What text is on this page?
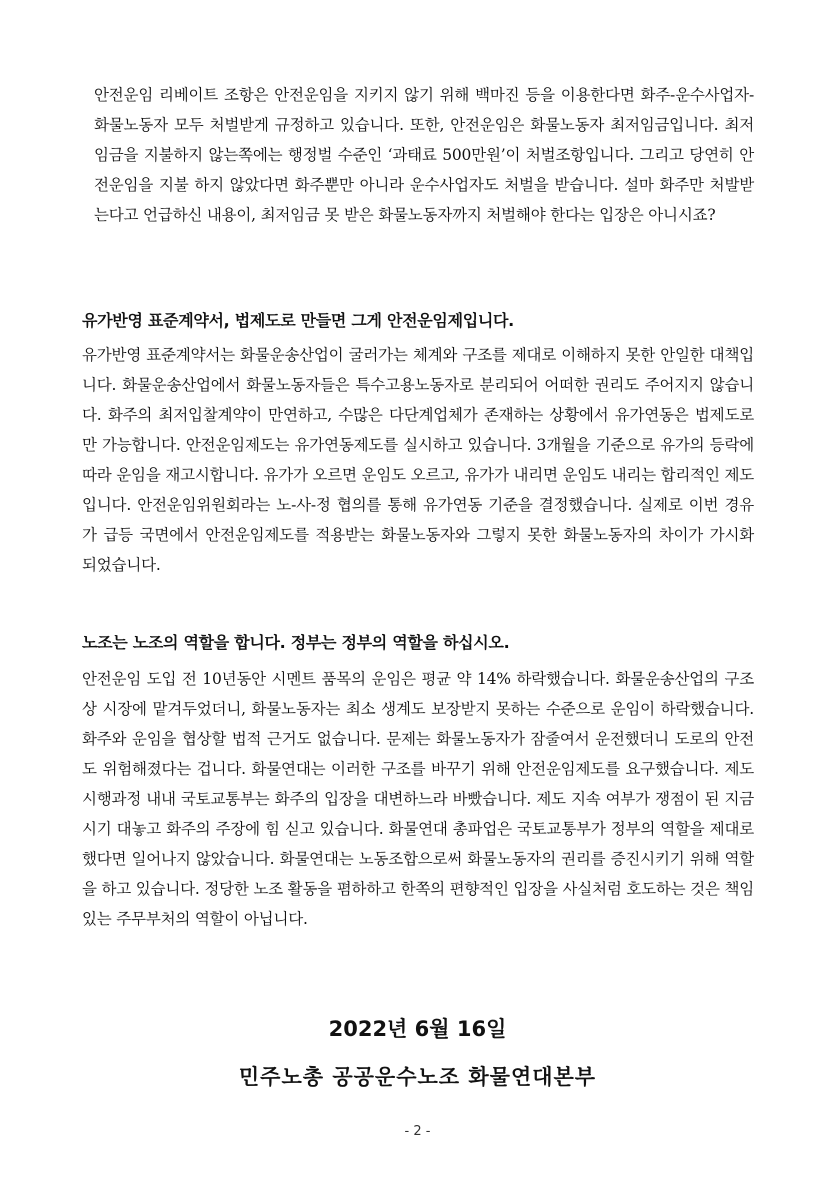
안전운임 리베이트 조항은 안전운임을 지키지 않기 위해 백마진 등을 이용한다면 화주-운수사업자-화물노동자 모두 처벌받게 규정하고 있습니다. 또한, 안전운임은 화물노동자 최저임금입니다. 최저임금을 지불하지 않는쪽에는 행정벌 수준인 ‘과태료 500만원’이 처벌조항입니다. 그리고 당연히 안전운임을 지불 하지 않았다면 화주뿐만 아니라 운수사업자도 처벌을 받습니다. 설마 화주만 처발받는다고 언급하신 내용이, 최저임금 못 받은 화물노동자까지 처벌해야 한다는 입장은 아니시죠?

유가반영 표준계약서, 법제도로 만들면 그게 안전운임제입니다.

유가반영 표준계약서는 화물운송산업이 굴러가는 체계와 구조를 제대로 이해하지 못한 안일한 대책입니다. 화물운송산업에서 화물노동자들은 특수고용노동자로 분리되어 어떠한 권리도 주어지지 않습니다. 화주의 최저입찰계약이 만연하고, 수많은 다단계업체가 존재하는 상황에서 유가연동은 법제도로만 가능합니다. 안전운임제도는 유가연동제도를 실시하고 있습니다. 3개월을 기준으로 유가의 등락에 따라 운임을 재고시합니다. 유가가 오르면 운임도 오르고, 유가가 내리면 운임도 내리는 합리적인 제도입니다. 안전운임위원회라는 노-사-정 협의를 통해 유가연동 기준을 결정했습니다. 실제로 이번 경유가 급등 국면에서 안전운임제도를 적용받는 화물노동자와 그렇지 못한 화물노동자의 차이가 가시화 되었습니다.

노조는 노조의 역할을 합니다. 정부는 정부의 역할을 하십시오.

안전운임 도입 전 10년동안 시멘트 품목의 운임은 평균 약 14% 하락했습니다. 화물운송산업의 구조 상 시장에 맡겨두었더니, 화물노동자는 최소 생계도 보장받지 못하는 수준으로 운임이 하락했습니다. 화주와 운임을 협상할 법적 근거도 없습니다. 문제는 화물노동자가 잠줄여서 운전했더니 도로의 안전도 위험해졌다는 겁니다. 화물연대는 이러한 구조를 바꾸기 위해 안전운임제도를 요구했습니다. 제도 시행과정 내내 국토교통부는 화주의 입장을 대변하느라 바빴습니다. 제도 지속 여부가 쟁점이 된 지금 시기 대놓고 화주의 주장에 힘 싣고 있습니다. 화물연대 총파업은 국토교통부가 정부의 역할을 제대로 했다면 일어나지 않았습니다. 화물연대는 노동조합으로써 화물노동자의 권리를 증진시키기 위해 역할을 하고 있습니다. 정당한 노조 활동을 폄하하고 한쪽의 편향적인 입장을 사실처럼 호도하는 것은 책임있는 주무부처의 역할이 아닙니다.

2022년 6월 16일
민주노총 공공운수노조 화물연대본부
- 2 -
